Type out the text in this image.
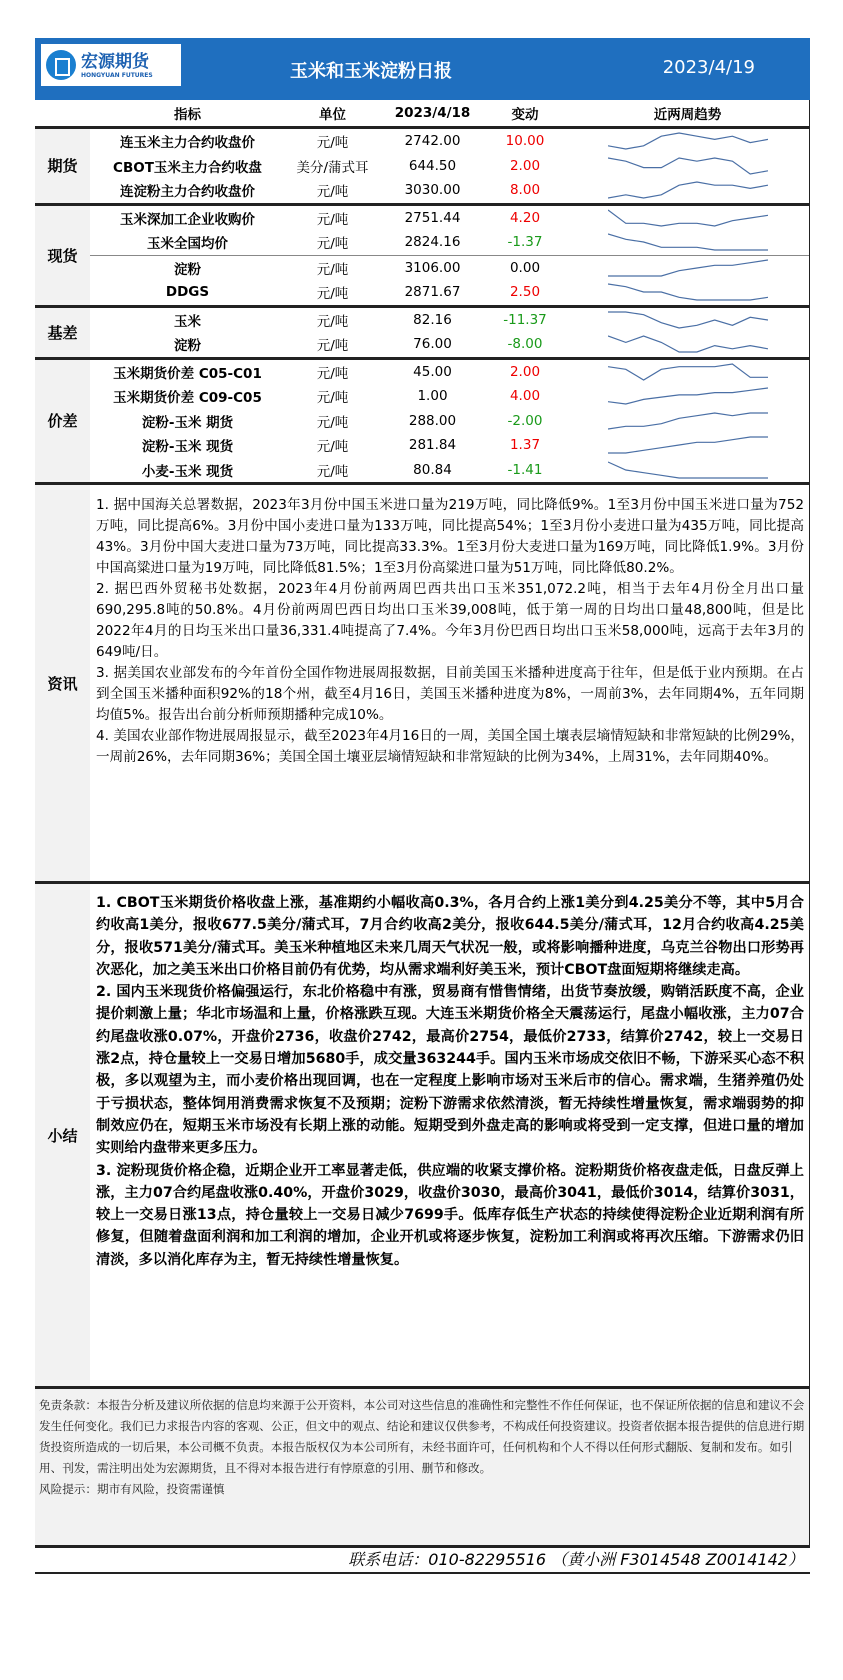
宏源期货
HONGYUAN FUTURES	玉米和玉米淀粉日报	2023/4/19
	指标	单位	2023/4/18	变动	近两周趋势
期货	连玉米主力合约收盘价	元/吨	2742.00	10.00	

	CBOT玉米主力合约收盘	美分/蒲式耳	644.50	2.00	

	连淀粉主力合约收盘价	元/吨	3030.00	8.00	

现货	玉米深加工企业收购价	元/吨	2751.44	4.20	

	玉米全国均价	元/吨	2824.16	-1.37	

	淀粉	元/吨	3106.00	0.00	

	DDGS	元/吨	2871.67	2.50	

基差	玉米	元/吨	82.16	-11.37	

	淀粉	元/吨	76.00	-8.00	

价差	玉米期货价差 C05-C01	元/吨	45.00	2.00	

	玉米期货价差 C09-C05	元/吨	1.00	4.00	

	淀粉-玉米 期货	元/吨	288.00	-2.00	

	淀粉-玉米 现货	元/吨	281.84	1.37	

	小麦-玉米 现货	元/吨	80.84	-1.41	
资讯
1. 据中国海关总署数据，2023年3月份中国玉米进口量为219万吨，同比降低9%。1至3月份中国玉米进口量为752万吨，同比提高6%。3月份中国小麦进口量为133万吨，同比提高54%；1至3月份小麦进口量为435万吨，同比提高43%。3月份中国大麦进口量为73万吨，同比提高33.3%。1至3月份大麦进口量为169万吨，同比降低1.9%。3月份中国高粱进口量为19万吨，同比降低81.5%；1至3月份高粱进口量为51万吨，同比降低80.2%。
2. 据巴西外贸秘书处数据，2023年4月份前两周巴西共出口玉米351,072.2吨，相当于去年4月份全月出口量690,295.8吨的50.8%。4月份前两周巴西日均出口玉米39,008吨，低于第一周的日均出口量48,800吨，但是比2022年4月的日均玉米出口量36,331.4吨提高了7.4%。今年3月份巴西日均出口玉米58,000吨，远高于去年3月的649吨/日。
3. 据美国农业部发布的今年首份全国作物进展周报数据，目前美国玉米播种进度高于往年，但是低于业内预期。在占到全国玉米播种面积92%的18个州，截至4月16日，美国玉米播种进度为8%，一周前3%，去年同期4%，五年同期均值5%。报告出台前分析师预期播种完成10%。
4. 美国农业部作物进展周报显示，截至2023年4月16日的一周，美国全国土壤表层墒情短缺和非常短缺的比例29%，一周前26%，去年同期36%；美国全国土壤亚层墒情短缺和非常短缺的比例为34%，上周31%，去年同期40%。
小结
1. CBOT玉米期货价格收盘上涨，基准期约小幅收高0.3%，各月合约上涨1美分到4.25美分不等，其中5月合约收高1美分，报收677.5美分/蒲式耳，7月合约收高2美分，报收644.5美分/蒲式耳，12月合约收高4.25美分，报收571美分/蒲式耳。美玉米种植地区未来几周天气状况一般，或将影响播种进度，乌克兰谷物出口形势再次恶化，加之美玉米出口价格目前仍有优势，均从需求端利好美玉米，预计CBOT盘面短期将继续走高。
2. 国内玉米现货价格偏强运行，东北价格稳中有涨，贸易商有惜售情绪，出货节奏放缓，购销活跃度不高，企业提价刺激上量；华北市场温和上量，价格涨跌互现。大连玉米期货价格全天震荡运行，尾盘小幅收涨，主力07合约尾盘收涨0.07%，开盘价2736，收盘价2742，最高价2754，最低价2733，结算价2742，较上一交易日涨2点，持仓量较上一交易日增加5680手，成交量363244手。国内玉米市场成交依旧不畅，下游采买心态不积极，多以观望为主，而小麦价格出现回调，也在一定程度上影响市场对玉米后市的信心。需求端，生猪养殖仍处于亏损状态，整体饲用消费需求恢复不及预期；淀粉下游需求依然清淡，暂无持续性增量恢复，需求端弱势的抑制效应仍在，短期玉米市场没有长期上涨的动能。短期受到外盘走高的影响或将受到一定支撑，但进口量的增加实则给内盘带来更多压力。
3. 淀粉现货价格企稳，近期企业开工率显著走低，供应端的收紧支撑价格。淀粉期货价格夜盘走低，日盘反弹上涨，主力07合约尾盘收涨0.40%，开盘价3029，收盘价3030，最高价3041，最低价3014，结算价3031，较上一交易日涨13点，持仓量较上一交易日减少7699手。低库存低生产状态的持续使得淀粉企业近期利润有所修复，但随着盘面利润和加工利润的增加，企业开机或将逐步恢复，淀粉加工利润或将再次压缩。下游需求仍旧清淡，多以消化库存为主，暂无持续性增量恢复。
免责条款：本报告分析及建议所依据的信息均来源于公开资料，本公司对这些信息的准确性和完整性不作任何保证，也不保证所依据的信息和建议不会发生任何变化。我们已力求报告内容的客观、公正，但文中的观点、结论和建议仅供参考，不构成任何投资建议。投资者依据本报告提供的信息进行期货投资所造成的一切后果，本公司概不负责。本报告版权仅为本公司所有，未经书面许可，任何机构和个人不得以任何形式翻版、复制和发布。如引用、刊发，需注明出处为宏源期货，且不得对本报告进行有悖原意的引用、删节和修改。
风险提示：期市有风险，投资需谨慎
联系电话：010-82295516 （黄小洲 F3014548 Z0014142）
